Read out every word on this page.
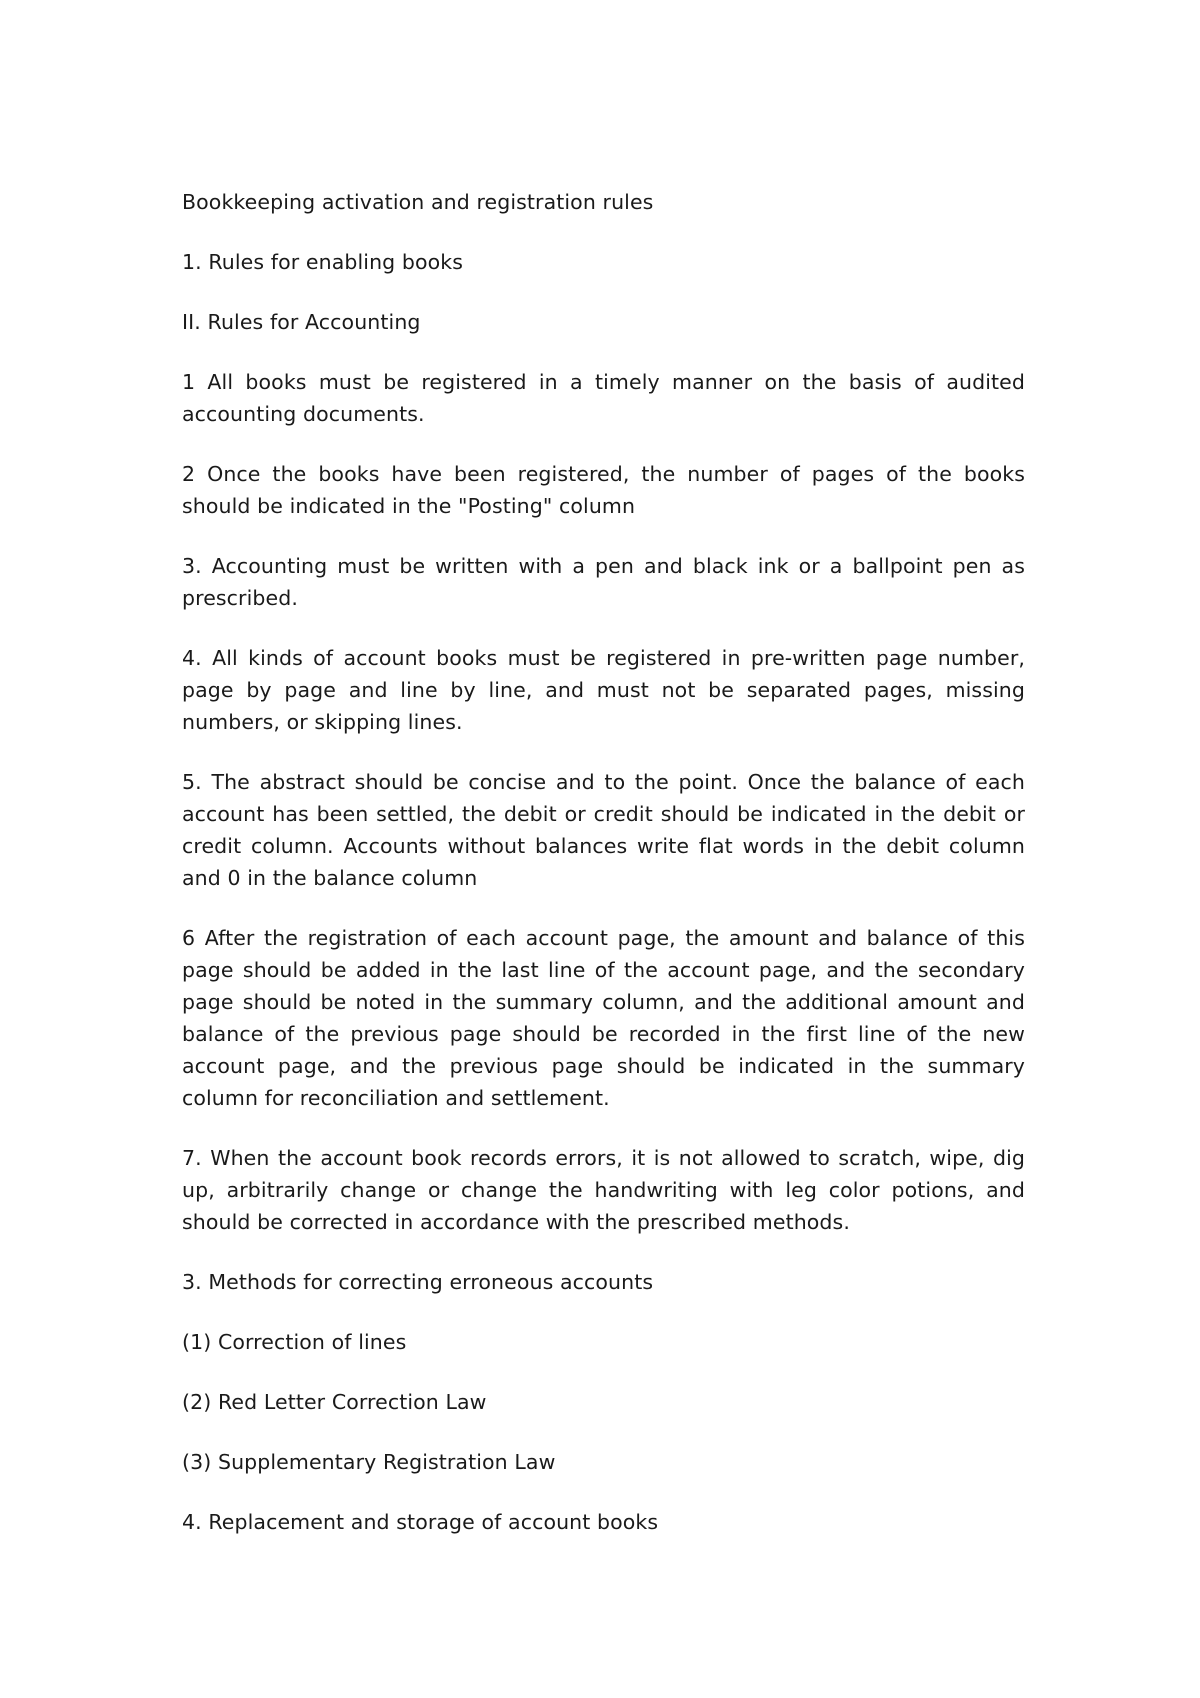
Bookkeeping activation and registration rules

1. Rules for enabling books

II. Rules for Accounting

1 All books must be registered in a timely manner on the basis of audited accounting documents.

2 Once the books have been registered, the number of pages of the books should be indicated in the "Posting" column

3. Accounting must be written with a pen and black ink or a ballpoint pen as prescribed.

4. All kinds of account books must be registered in pre-written page number, page by page and line by line, and must not be separated pages, missing numbers, or skipping lines.

5. The abstract should be concise and to the point. Once the balance of each account has been settled, the debit or credit should be indicated in the debit or credit column. Accounts without balances write flat words in the debit column and 0 in the balance column

6 After the registration of each account page, the amount and balance of this page should be added in the last line of the account page, and the secondary page should be noted in the summary column, and the additional amount and balance of the previous page should be recorded in the first line of the new account page, and the previous page should be indicated in the summary column for reconciliation and settlement.

7. When the account book records errors, it is not allowed to scratch, wipe, dig up, arbitrarily change or change the handwriting with leg color potions, and should be corrected in accordance with the prescribed methods.

3. Methods for correcting erroneous accounts

(1) Correction of lines

(2) Red Letter Correction Law

(3) Supplementary Registration Law

4. Replacement and storage of account books
